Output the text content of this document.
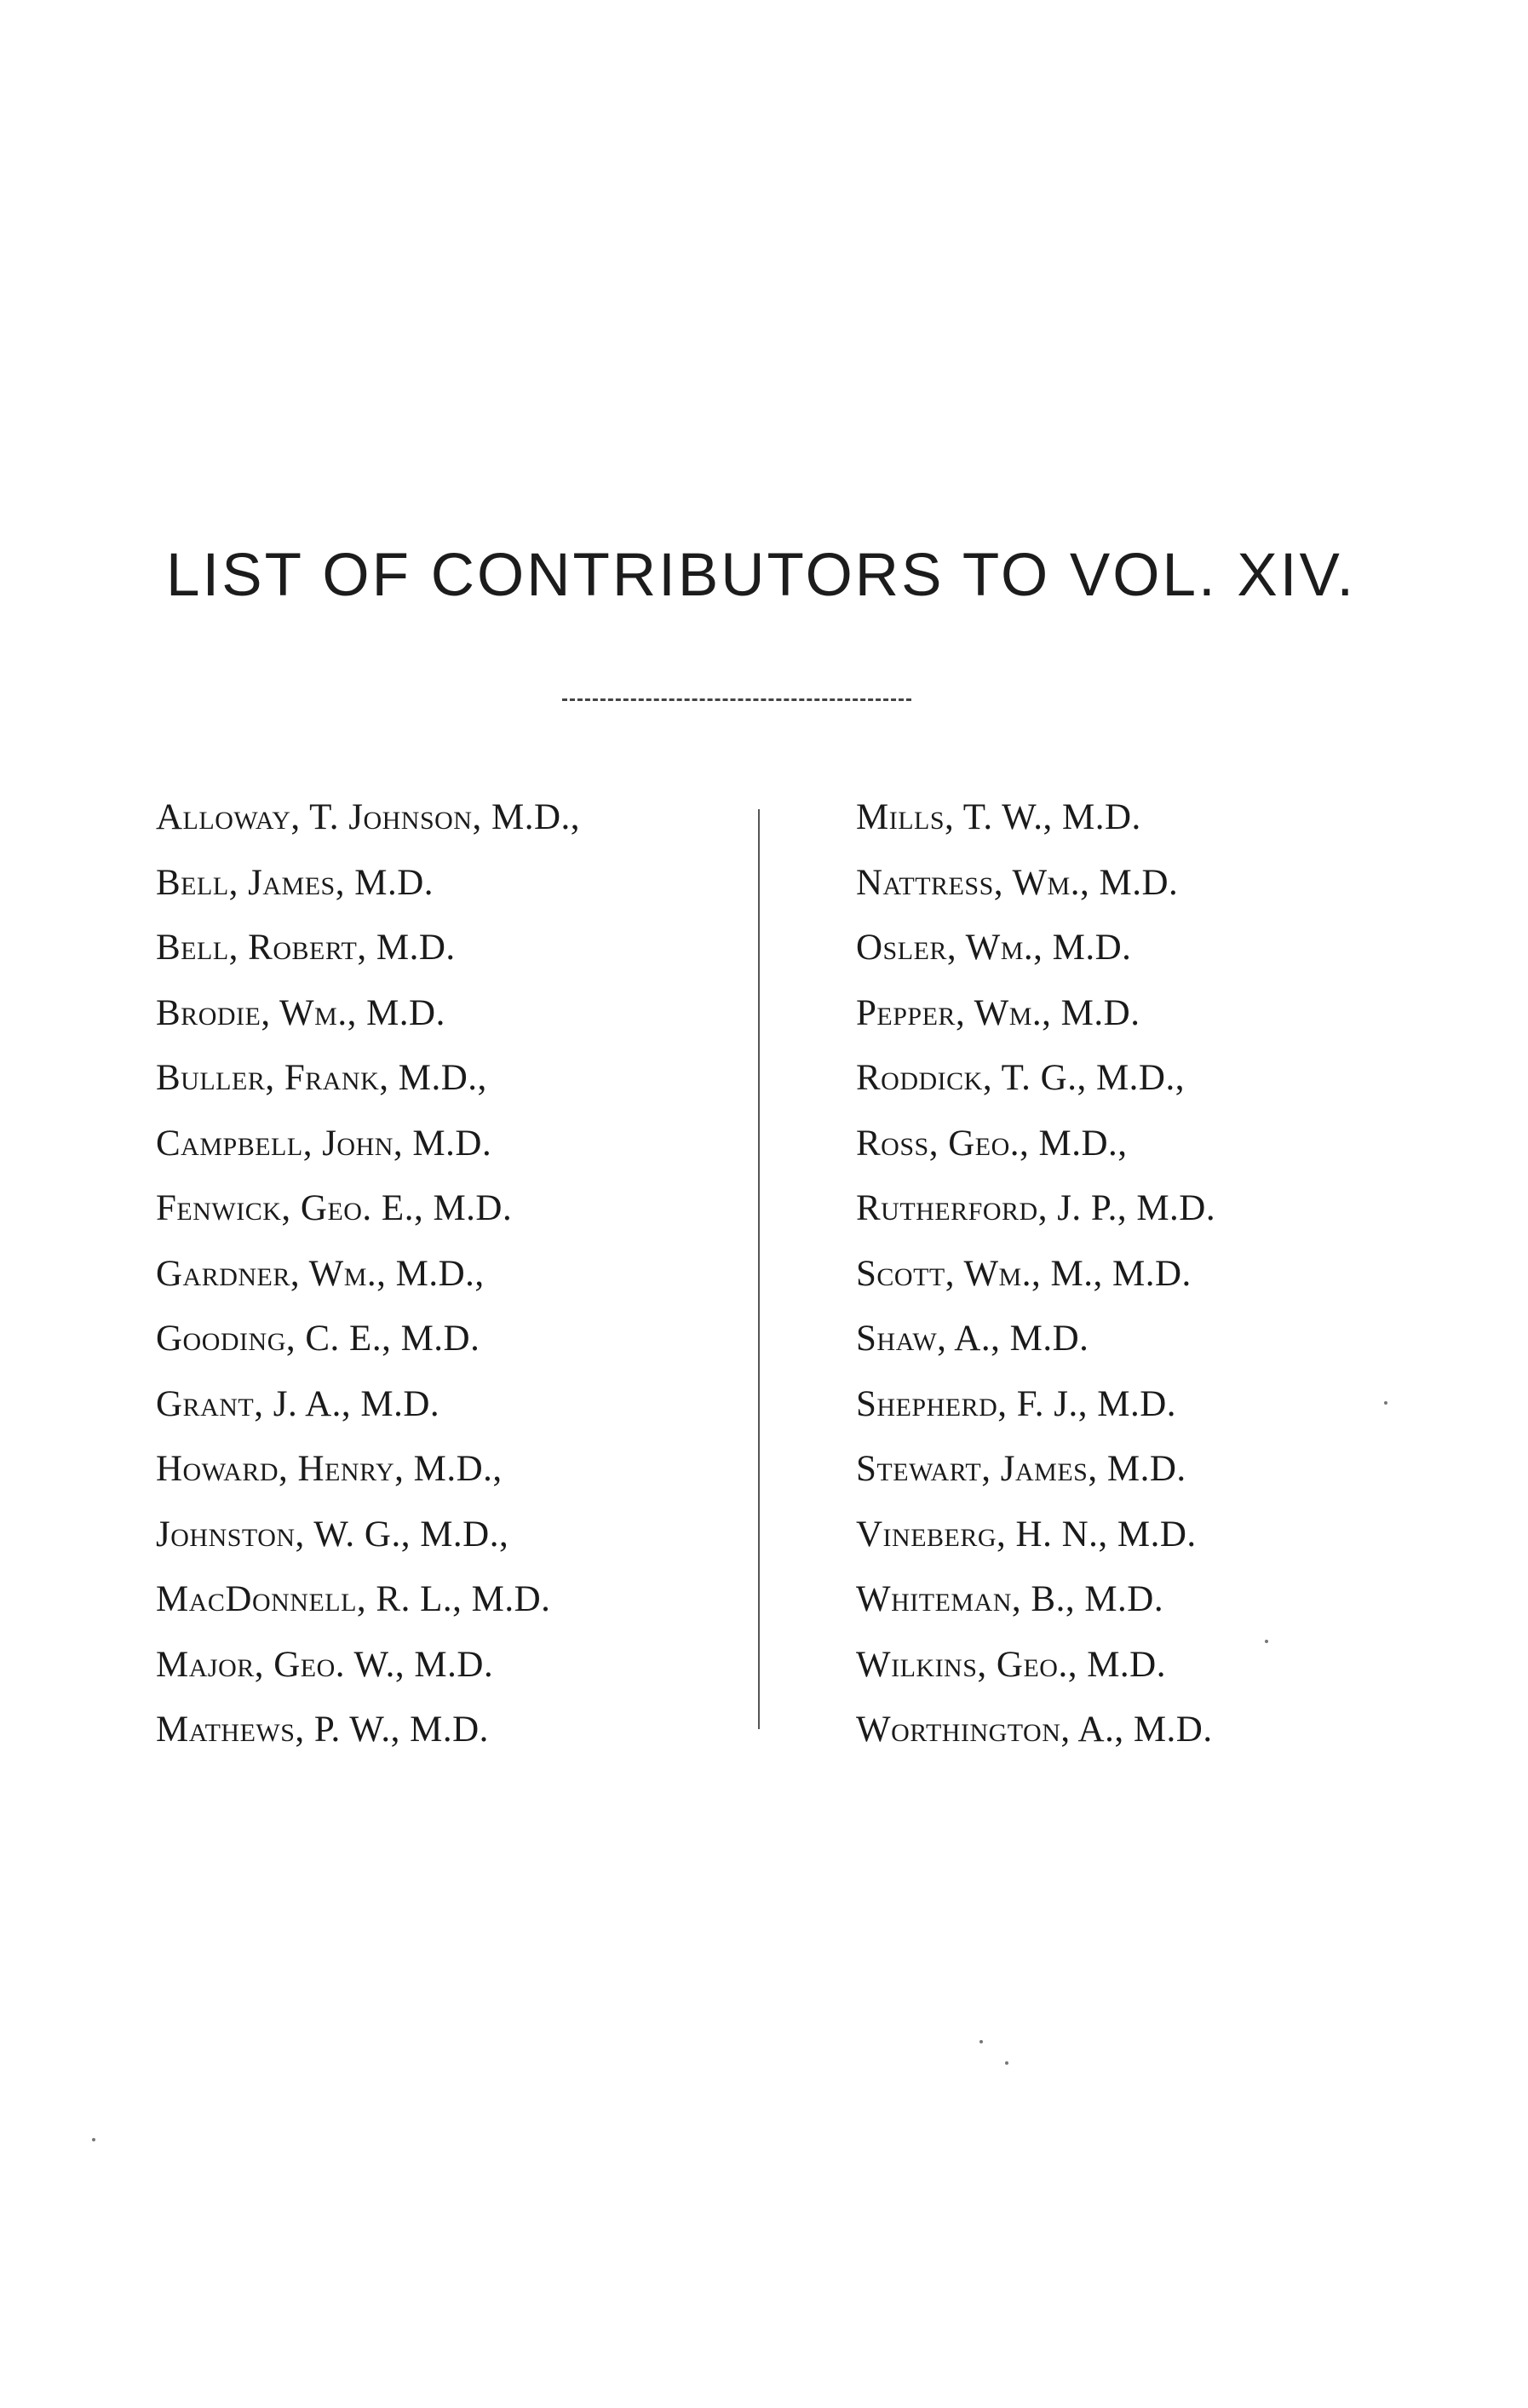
LIST OF CONTRIBUTORS TO VOL. XIV.
Alloway, T. Johnson, M.D.,
Bell, James, M.D.
Bell, Robert, M.D.
Brodie, Wm., M.D.
Buller, Frank, M.D.,
Campbell, John, M.D.
Fenwick, Geo. E., M.D.
Gardner, Wm., M.D.,
Gooding, C. E., M.D.
Grant, J. A., M.D.
Howard, Henry, M.D.,
Johnston, W. G., M.D.,
MacDonnell, R. L., M.D.
Major, Geo. W., M.D.
Mathews, P. W., M.D.
Mills, T. W., M.D.
Nattress, Wm., M.D.
Osler, Wm., M.D.
Pepper, Wm., M.D.
Roddick, T. G., M.D.,
Ross, Geo., M.D.,
Rutherford, J. P., M.D.
Scott, Wm., M., M.D.
Shaw, A., M.D.
Shepherd, F. J., M.D.
Stewart, James, M.D.
Vineberg, H. N., M.D.
Whiteman, B., M.D.
Wilkins, Geo., M.D.
Worthington, A., M.D.
